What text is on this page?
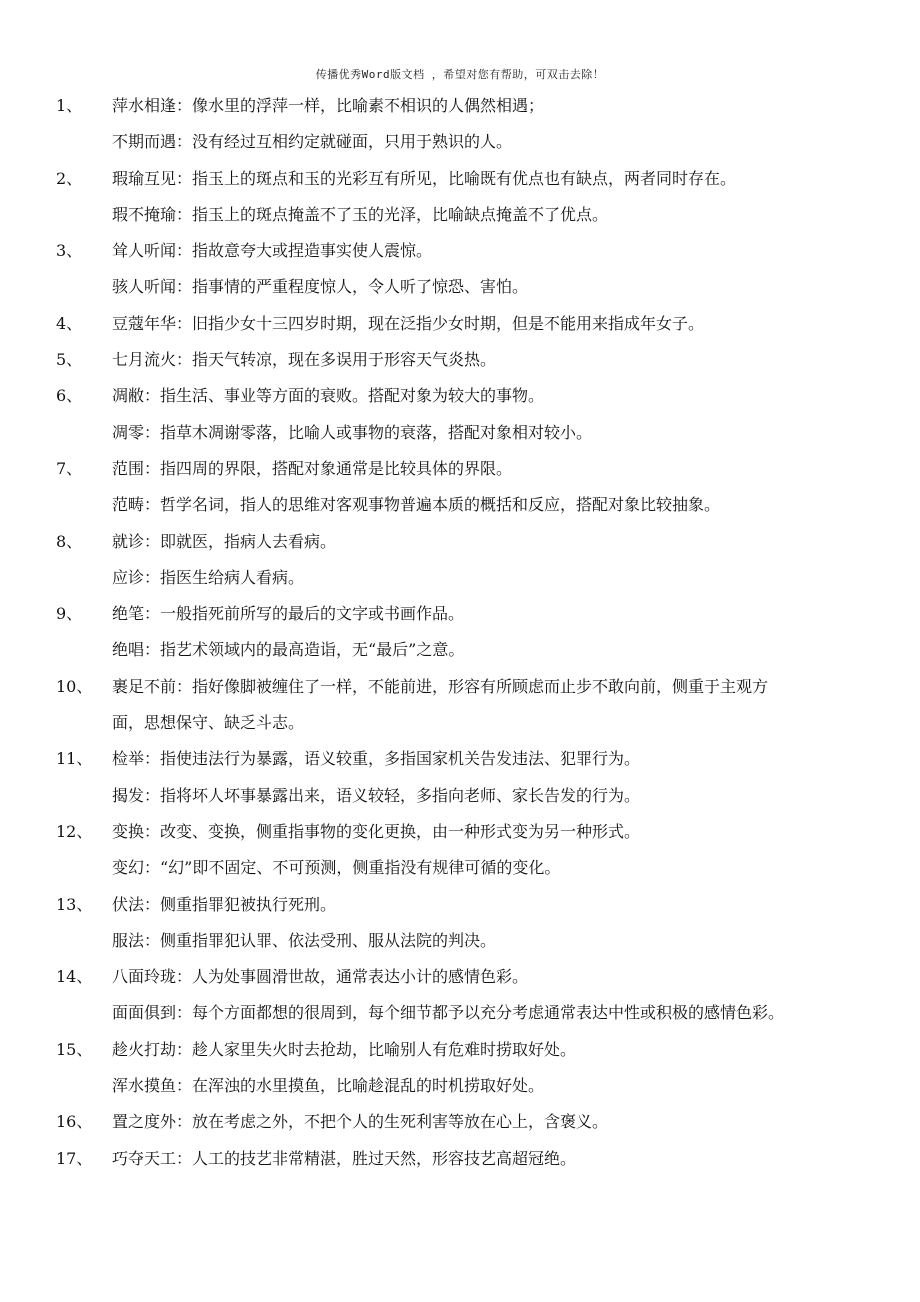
传播优秀Word版文档 ，希望对您有帮助，可双击去除！
1、 萍水相逢：像水里的浮萍一样，比喻素不相识的人偶然相遇；
不期而遇：没有经过互相约定就碰面，只用于熟识的人。
2、 瑕瑜互见：指玉上的斑点和玉的光彩互有所见，比喻既有优点也有缺点，两者同时存在。
瑕不掩瑜：指玉上的斑点掩盖不了玉的光泽，比喻缺点掩盖不了优点。
3、 耸人听闻：指故意夸大或捏造事实使人震惊。
骇人听闻：指事情的严重程度惊人，令人听了惊恐、害怕。
4、 豆蔻年华：旧指少女十三四岁时期，现在泛指少女时期，但是不能用来指成年女子。
5、 七月流火：指天气转凉，现在多误用于形容天气炎热。
6、 凋敝：指生活、事业等方面的衰败。搭配对象为较大的事物。
凋零：指草木凋谢零落，比喻人或事物的衰落，搭配对象相对较小。
7、 范围：指四周的界限，搭配对象通常是比较具体的界限。
范畴：哲学名词，指人的思维对客观事物普遍本质的概括和反应，搭配对象比较抽象。
8、 就诊：即就医，指病人去看病。
应诊：指医生给病人看病。
9、 绝笔：一般指死前所写的最后的文字或书画作品。
绝唱：指艺术领域内的最高造诣，无“最后”之意。
10、 裹足不前：指好像脚被缠住了一样，不能前进，形容有所顾虑而止步不敢向前，侧重于主观方
面，思想保守、缺乏斗志。
11、 检举：指使违法行为暴露，语义较重，多指国家机关告发违法、犯罪行为。
揭发：指将坏人坏事暴露出来，语义较轻，多指向老师、家长告发的行为。
12、 变换：改变、变换，侧重指事物的变化更换，由一种形式变为另一种形式。
变幻：“幻”即不固定、不可预测，侧重指没有规律可循的变化。
13、 伏法：侧重指罪犯被执行死刑。
服法：侧重指罪犯认罪、依法受刑、服从法院的判决。
14、 八面玲珑：人为处事圆滑世故，通常表达小计的感情色彩。
面面俱到：每个方面都想的很周到，每个细节都予以充分考虑通常表达中性或积极的感情色彩。
15、 趁火打劫：趁人家里失火时去抢劫，比喻别人有危难时捞取好处。
浑水摸鱼：在浑浊的水里摸鱼，比喻趁混乱的时机捞取好处。
16、 置之度外：放在考虑之外，不把个人的生死利害等放在心上，含褒义。
17、 巧夺天工：人工的技艺非常精湛，胜过天然，形容技艺高超冠绝。
